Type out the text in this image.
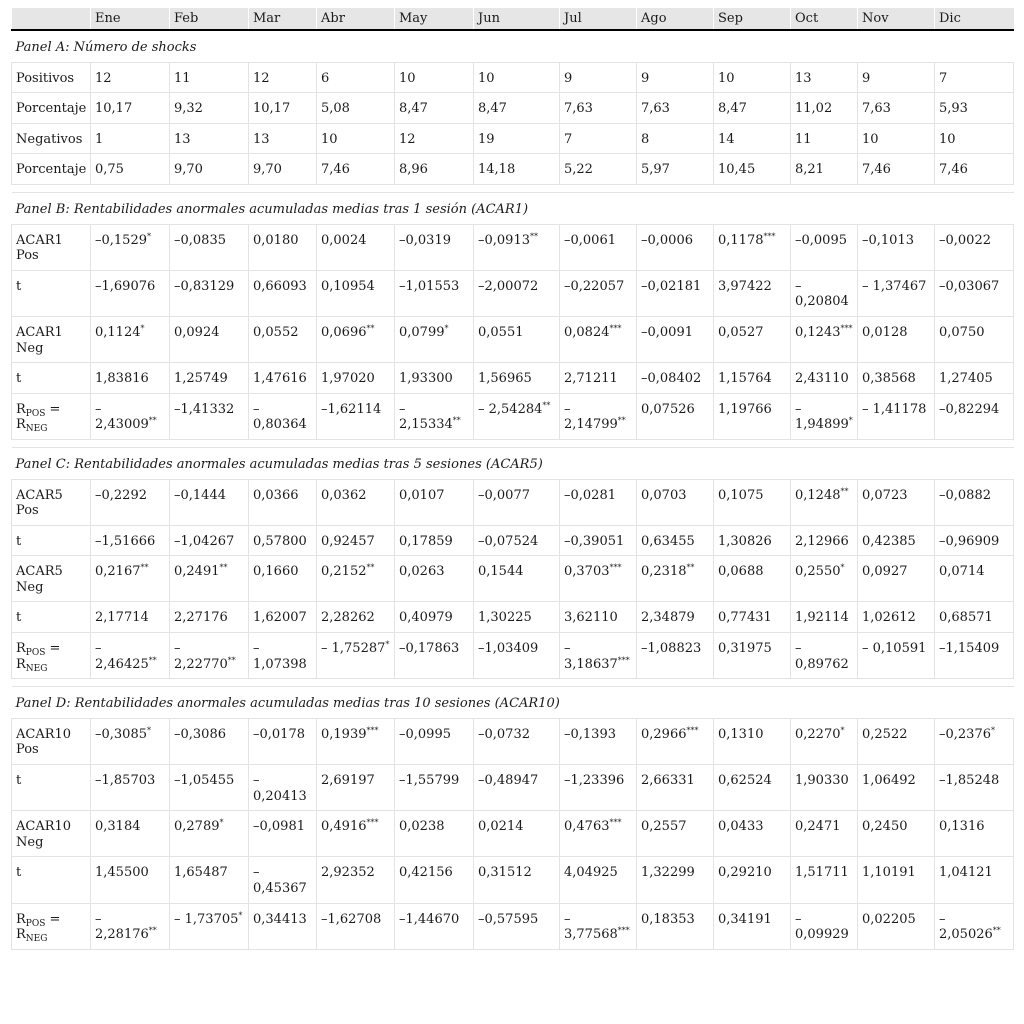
	Ene	Feb	Mar	Abr	May	Jun	Jul	Ago	Sep	Oct	Nov	Dic
Panel A: Número de shocks												
Positivos	12	11	12	6	10	10	9	9	10	13	9	7
Porcentaje	10,17	9,32	10,17	5,08	8,47	8,47	7,63	7,63	8,47	11,02	7,63	5,93
Negativos	1	13	13	10	12	19	7	8	14	11	10	10
Porcentaje	0,75	9,70	9,70	7,46	8,96	14,18	5,22	5,97	10,45	8,21	7,46	7,46

Panel B: Rentabilidades anormales acumuladas medias tras 1 sesión (ACAR1)												
ACAR1 Pos	–0,1529*	–0,0835	0,0180	0,0024	–0,0319	–0,0913**	–0,0061	–0,0006	0,1178***	–0,0095	–0,1013	–0,0022
t	–1,69076	–0,83129	0,66093	0,10954	–1,01553	–2,00072	–0,22057	–0,02181	3,97422	–0,20804	– 1,37467	–0,03067
ACAR1 Neg	0,1124*	0,0924	0,0552	0,0696**	0,0799*	0,0551	0,0824***	–0,0091	0,0527	0,1243***	0,0128	0,0750
t	1,83816	1,25749	1,47616	1,97020	1,93300	1,56965	2,71211	–0,08402	1,15764	2,43110	0,38568	1,27405
$R_{POS} = R_{NEG}$	– 2,43009**	–1,41332	– 0,80364	–1,62114	– 2,15334**	– 2,54284**	– 2,14799**	0,07526	1,19766	– 1,94899*	– 1,41178	–0,82294

Panel C: Rentabilidades anormales acumuladas medias tras 5 sesiones (ACAR5)												
ACAR5 Pos	–0,2292	–0,1444	0,0366	0,0362	0,0107	–0,0077	–0,0281	0,0703	0,1075	0,1248**	0,0723	–0,0882
t	–1,51666	–1,04267	0,57800	0,92457	0,17859	–0,07524	–0,39051	0,63455	1,30826	2,12966	0,42385	–0,96909
ACAR5 Neg	0,2167**	0,2491**	0,1660	0,2152**	0,0263	0,1544	0,3703***	0,2318**	0,0688	0,2550*	0,0927	0,0714
t	2,17714	2,27176	1,62007	2,28262	0,40979	1,30225	3,62110	2,34879	0,77431	1,92114	1,02612	0,68571
$R_{POS} = R_{NEG}$	– 2,46425**	– 2,22770**	– 1,07398	– 1,75287*	–0,17863	–1,03409	– 3,18637***	–1,08823	0,31975	–0,89762	– 0,10591	–1,15409

Panel D: Rentabilidades anormales acumuladas medias tras 10 sesiones (ACAR10)												
ACAR10 Pos	–0,3085*	–0,3086	–0,0178	0,1939***	–0,0995	–0,0732	–0,1393	0,2966***	0,1310	0,2270*	0,2522	–0,2376*
t	–1,85703	–1,05455	– 0,20413	2,69197	–1,55799	–0,48947	–1,23396	2,66331	0,62524	1,90330	1,06492	–1,85248
ACAR10 Neg	0,3184	0,2789*	–0,0981	0,4916***	0,0238	0,0214	0,4763***	0,2557	0,0433	0,2471	0,2450	0,1316
t	1,45500	1,65487	– 0,45367	2,92352	0,42156	0,31512	4,04925	1,32299	0,29210	1,51711	1,10191	1,04121
$R_{POS} = R_{NEG}$	– 2,28176**	– 1,73705*	0,34413	–1,62708	–1,44670	–0,57595	– 3,77568***	0,18353	0,34191	–0,09929	0,02205	– 2,05026**
